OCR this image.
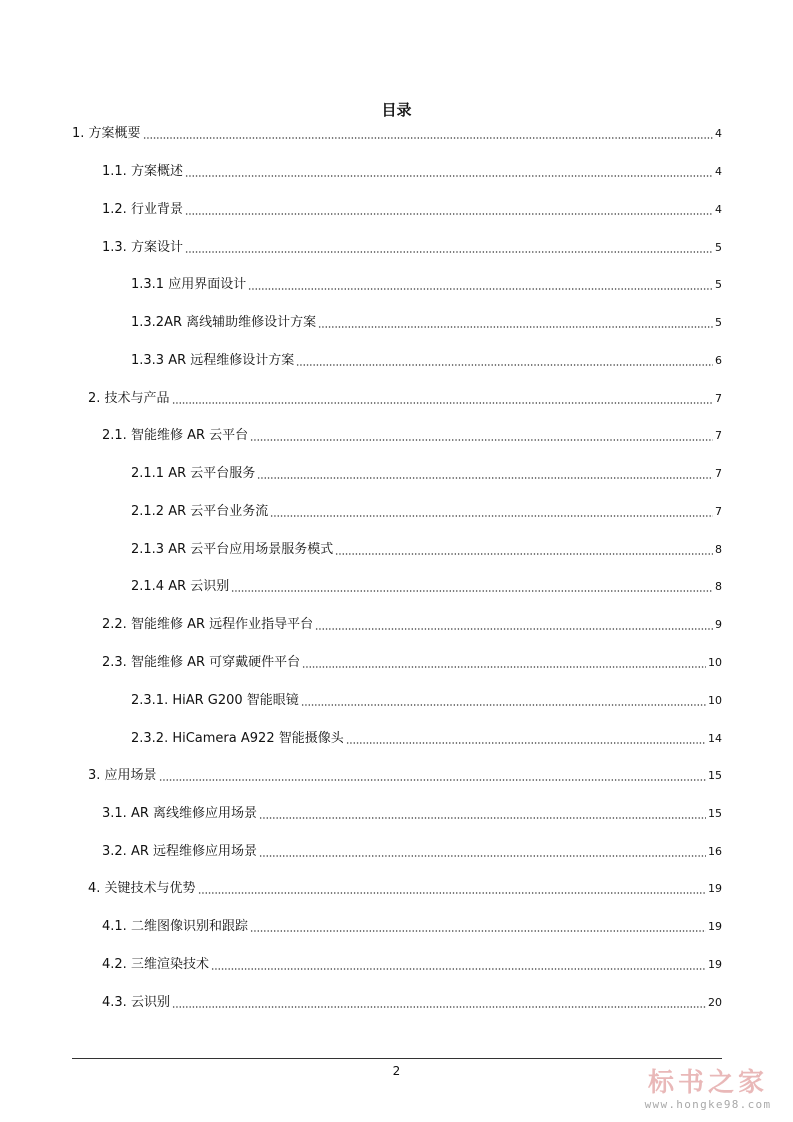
目录
1. 方案概要	4
1.1. 方案概述	4
1.2. 行业背景	4
1.3. 方案设计	5
1.3.1 应用界面设计	5
1.3.2AR 离线辅助维修设计方案	5
1.3.3 AR 远程维修设计方案	6
2. 技术与产品	7
2.1. 智能维修 AR 云平台	7
2.1.1 AR 云平台服务	7
2.1.2 AR 云平台业务流	7
2.1.3 AR 云平台应用场景服务模式	8
2.1.4 AR 云识别	8
2.2. 智能维修 AR 远程作业指导平台	9
2.3. 智能维修 AR 可穿戴硬件平台	10
2.3.1. HiAR G200 智能眼镜	10
2.3.2. HiCamera A922 智能摄像头	14
3. 应用场景	15
3.1. AR 离线维修应用场景	15
3.2. AR 远程维修应用场景	16
4. 关键技术与优势	19
4.1. 二维图像识别和跟踪	19
4.2. 三维渲染技术	19
4.3. 云识别	20
2	标书之家
www.hongke98.com
